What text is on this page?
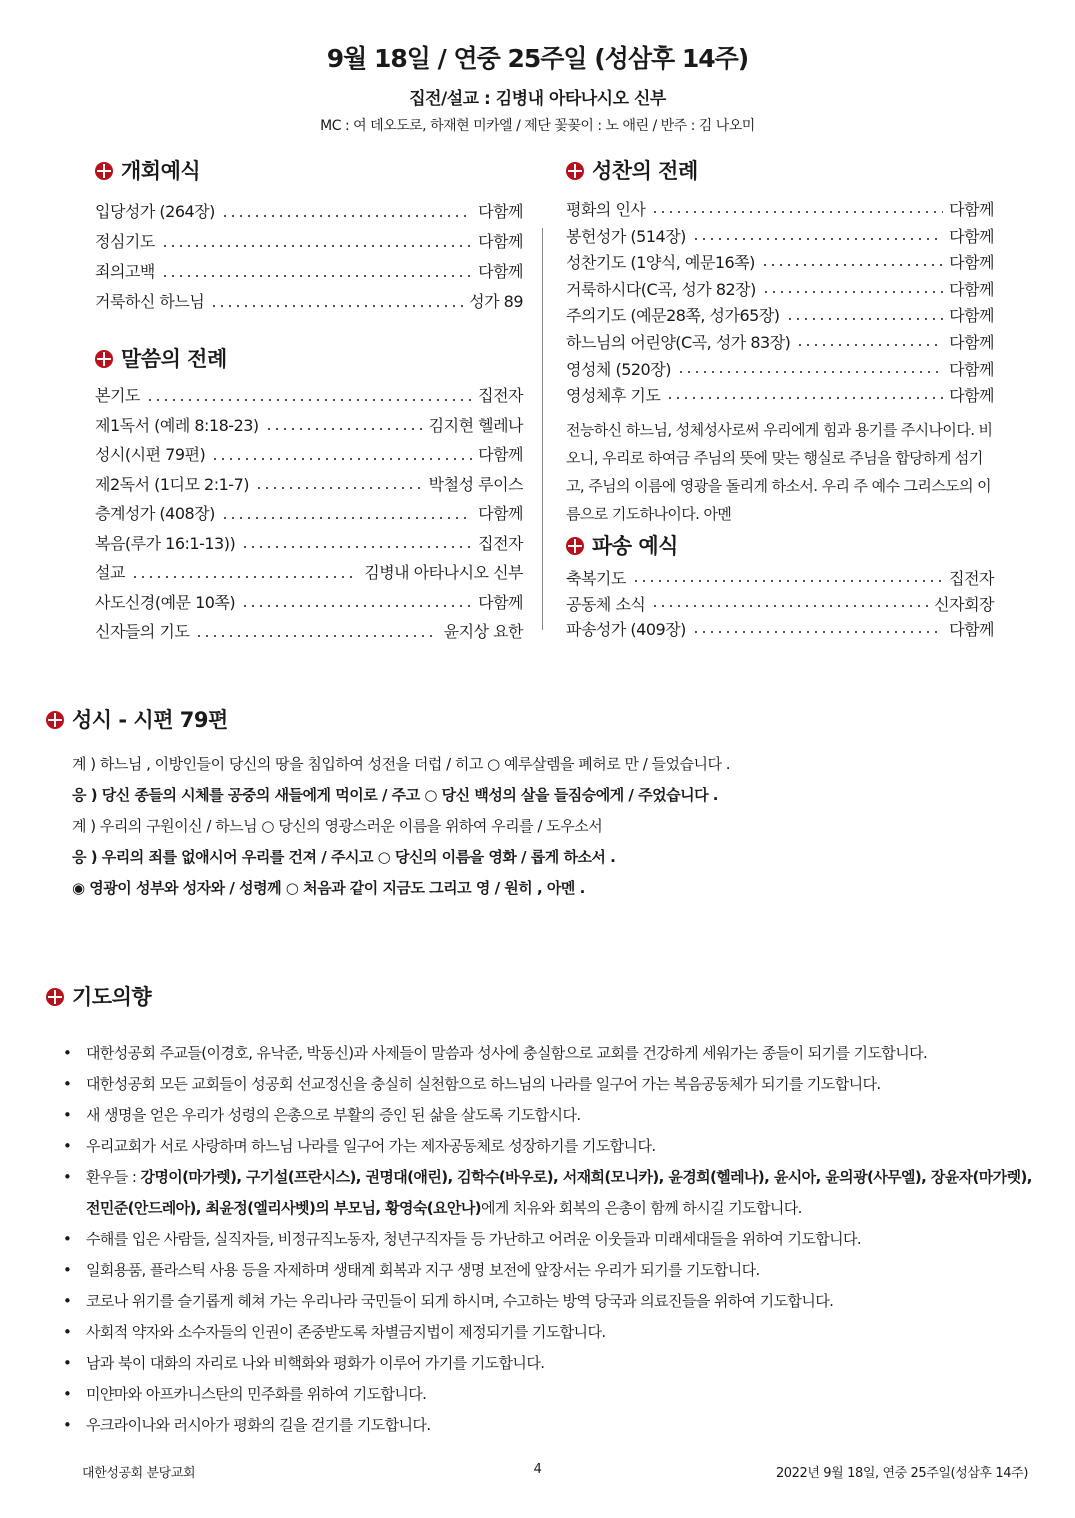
9월 18일 / 연중 25주일 (성삼후 14주)
집전/설교 : 김병내 아타나시오 신부
MC : 여 데오도로, 하재현 미카엘 / 제단 꽃꽂이 : 노 애린 / 반주 : 김 나오미
개회예식
입당성가 (264장)	다함께
정심기도	다함께
죄의고백	다함께
거룩하신 하느님	성가 89
말씀의 전례
본기도	집전자
제1독서 (예레 8:18-23)	김지현 헬레나
성시(시편 79편)	다함께
제2독서 (1디모 2:1-7)	박철성 루이스
층계성가 (408장)	다함께
복음(루가 16:1-13))	집전자
설교	김병내 아타나시오 신부
사도신경(예문 10쪽)	다함께
신자들의 기도	윤지상 요한
성찬의 전례
평화의 인사	다함께
봉헌성가 (514장)	다함께
성찬기도 (1양식, 예문16쪽)	다함께
거룩하시다(C곡, 성가 82장)	다함께
주의기도 (예문28쪽, 성가65장)	다함께
하느님의 어린양(C곡, 성가 83장)	다함께
영성체 (520장)	다함께
영성체후 기도	다함께
전능하신 하느님, 성체성사로써 우리에게 힘과 용기를 주시나이다. 비오니, 우리로 하여금 주님의 뜻에 맞는 행실로 주님을 합당하게 섬기고, 주님의 이름에 영광을 돌리게 하소서. 우리 주 예수 그리스도의 이름으로 기도하나이다. 아멘
파송 예식
축복기도	집전자
공동체 소식	신자회장
파송성가 (409장)	다함께
성시 - 시편 79편
계 ) 하느님 , 이방인들이 당신의 땅을 침입하여 성전을 더럽 / 히고 ○ 예루살렘을 폐허로 만 / 들었습니다 .
응 ) 당신 종들의 시체를 공중의 새들에게 먹이로 / 주고 ○ 당신 백성의 살을 들짐승에게 / 주었습니다 .
계 ) 우리의 구원이신 / 하느님 ○ 당신의 영광스러운 이름을 위하여 우리를 / 도우소서
응 ) 우리의 죄를 없애시어 우리를 건져 / 주시고 ○ 당신의 이름을 영화 / 롭게 하소서 .
◉ 영광이 성부와 성자와 / 성령께 ○ 처음과 같이 지금도 그리고 영 / 원히 , 아멘 .
기도의향
• 대한성공회 주교들(이경호, 유낙준, 박동신)과 사제들이 말씀과 성사에 충실함으로 교회를 건강하게 세워가는 종들이 되기를 기도합니다.
• 대한성공회 모든 교회들이 성공회 선교정신을 충실히 실천함으로 하느님의 나라를 일구어 가는 복음공동체가 되기를 기도합니다.
• 새 생명을 얻은 우리가 성령의 은총으로 부활의 증인 된 삶을 살도록 기도합시다.
• 우리교회가 서로 사랑하며 하느님 나라를 일구어 가는 제자공동체로 성장하기를 기도합니다.
• 환우들 : 강명이(마가렛), 구기설(프란시스), 권명대(애린), 김학수(바우로), 서재희(모니카), 윤경희(헬레나), 윤시아, 윤의광(사무엘), 장윤자(마가렛), 전민준(안드레아), 최윤정(엘리사벳)의 부모님, 황영숙(요안나)에게 치유와 회복의 은총이 함께 하시길 기도합니다.
• 수해를 입은 사람들, 실직자들, 비정규직노동자, 청년구직자들 등 가난하고 어려운 이웃들과 미래세대들을 위하여 기도합니다.
• 일회용품, 플라스틱 사용 등을 자제하며 생태계 회복과 지구 생명 보전에 앞장서는 우리가 되기를 기도합니다.
• 코로나 위기를 슬기롭게 헤쳐 가는 우리나라 국민들이 되게 하시며, 수고하는 방역 당국과 의료진들을 위하여 기도합니다.
• 사회적 약자와 소수자들의 인권이 존중받도록 차별금지법이 제정되기를 기도합니다.
• 남과 북이 대화의 자리로 나와 비핵화와 평화가 이루어 가기를 기도합니다.
• 미얀마와 아프카니스탄의 민주화를 위하여 기도합니다.
• 우크라이나와 러시아가 평화의 길을 걷기를 기도합니다.
4
대한성공회 분당교회	2022년 9월 18일, 연중 25주일(성삼후 14주)
